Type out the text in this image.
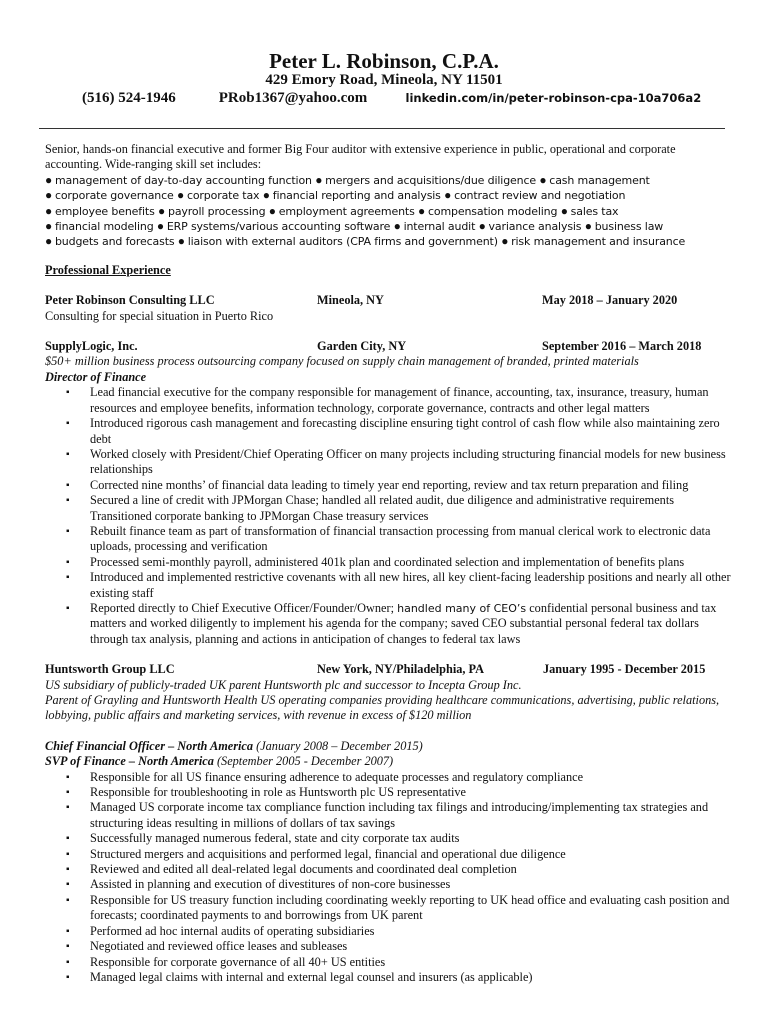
Peter L. Robinson, C.P.A.
429 Emory Road, Mineola, NY 11501
(516) 524-1946	PRob1367@yahoo.com	linkedin.com/in/peter-robinson-cpa-10a706a2

Senior, hands-on financial executive and former Big Four auditor with extensive experience in public, operational and corporate accounting. Wide-ranging skill set includes:

● management of day-to-day accounting function ● mergers and acquisitions/due diligence ● cash management
● corporate governance ● corporate tax ● financial reporting and analysis ● contract review and negotiation
● employee benefits ● payroll processing ● employment agreements ● compensation modeling ● sales tax
● financial modeling ● ERP systems/various accounting software ● internal audit ● variance analysis ● business law
● budgets and forecasts ● liaison with external auditors (CPA firms and government) ● risk management and insurance
Professional Experience
Peter Robinson Consulting LLC	Mineola, NY	May 2018 – January 2020
Consulting for special situation in Puerto Rico
SupplyLogic, Inc.	Garden City, NY	September 2016 – March 2018
$50+ million business process outsourcing company focused on supply chain management of branded, printed materials
Director of Finance
▪ Lead financial executive for the company responsible for management of finance, accounting, tax, insurance, treasury, human resources and employee benefits, information technology, corporate governance, contracts and other legal matters
▪ Introduced rigorous cash management and forecasting discipline ensuring tight control of cash flow while also maintaining zero debt
▪ Worked closely with President/Chief Operating Officer on many projects including structuring financial models for new business relationships
▪ Corrected nine months’ of financial data leading to timely year end reporting, review and tax return preparation and filing
▪ Secured a line of credit with JPMorgan Chase; handled all related audit, due diligence and administrative requirements Transitioned corporate banking to JPMorgan Chase treasury services
▪ Rebuilt finance team as part of transformation of financial transaction processing from manual clerical work to electronic data uploads, processing and verification
▪ Processed semi-monthly payroll, administered 401k plan and coordinated selection and implementation of benefits plans
▪ Introduced and implemented restrictive covenants with all new hires, all key client-facing leadership positions and nearly all other existing staff
▪ Reported directly to Chief Executive Officer/Founder/Owner; handled many of CEO’s confidential personal business and tax matters and worked diligently to implement his agenda for the company; saved CEO substantial personal federal tax dollars through tax analysis, planning and actions in anticipation of changes to federal tax laws
Huntsworth Group LLC	New York, NY/Philadelphia, PA	January 1995 - December 2015
US subsidiary of publicly-traded UK parent Huntsworth plc and successor to Incepta Group Inc.
Parent of Grayling and Huntsworth Health US operating companies providing healthcare communications, advertising, public relations, lobbying, public affairs and marketing services, with revenue in excess of $120 million
Chief Financial Officer – North America (January 2008 – December 2015)
SVP of Finance – North America (September 2005 - December 2007)
▪ Responsible for all US finance ensuring adherence to adequate processes and regulatory compliance
▪ Responsible for troubleshooting in role as Huntsworth plc US representative
▪ Managed US corporate income tax compliance function including tax filings and introducing/implementing tax strategies and structuring ideas resulting in millions of dollars of tax savings
▪ Successfully managed numerous federal, state and city corporate tax audits
▪ Structured mergers and acquisitions and performed legal, financial and operational due diligence
▪ Reviewed and edited all deal-related legal documents and coordinated deal completion
▪ Assisted in planning and execution of divestitures of non-core businesses
▪ Responsible for US treasury function including coordinating weekly reporting to UK head office and evaluating cash position and forecasts; coordinated payments to and borrowings from UK parent
▪ Performed ad hoc internal audits of operating subsidiaries
▪ Negotiated and reviewed office leases and subleases
▪ Responsible for corporate governance of all 40+ US entities
▪ Managed legal claims with internal and external legal counsel and insurers (as applicable)
